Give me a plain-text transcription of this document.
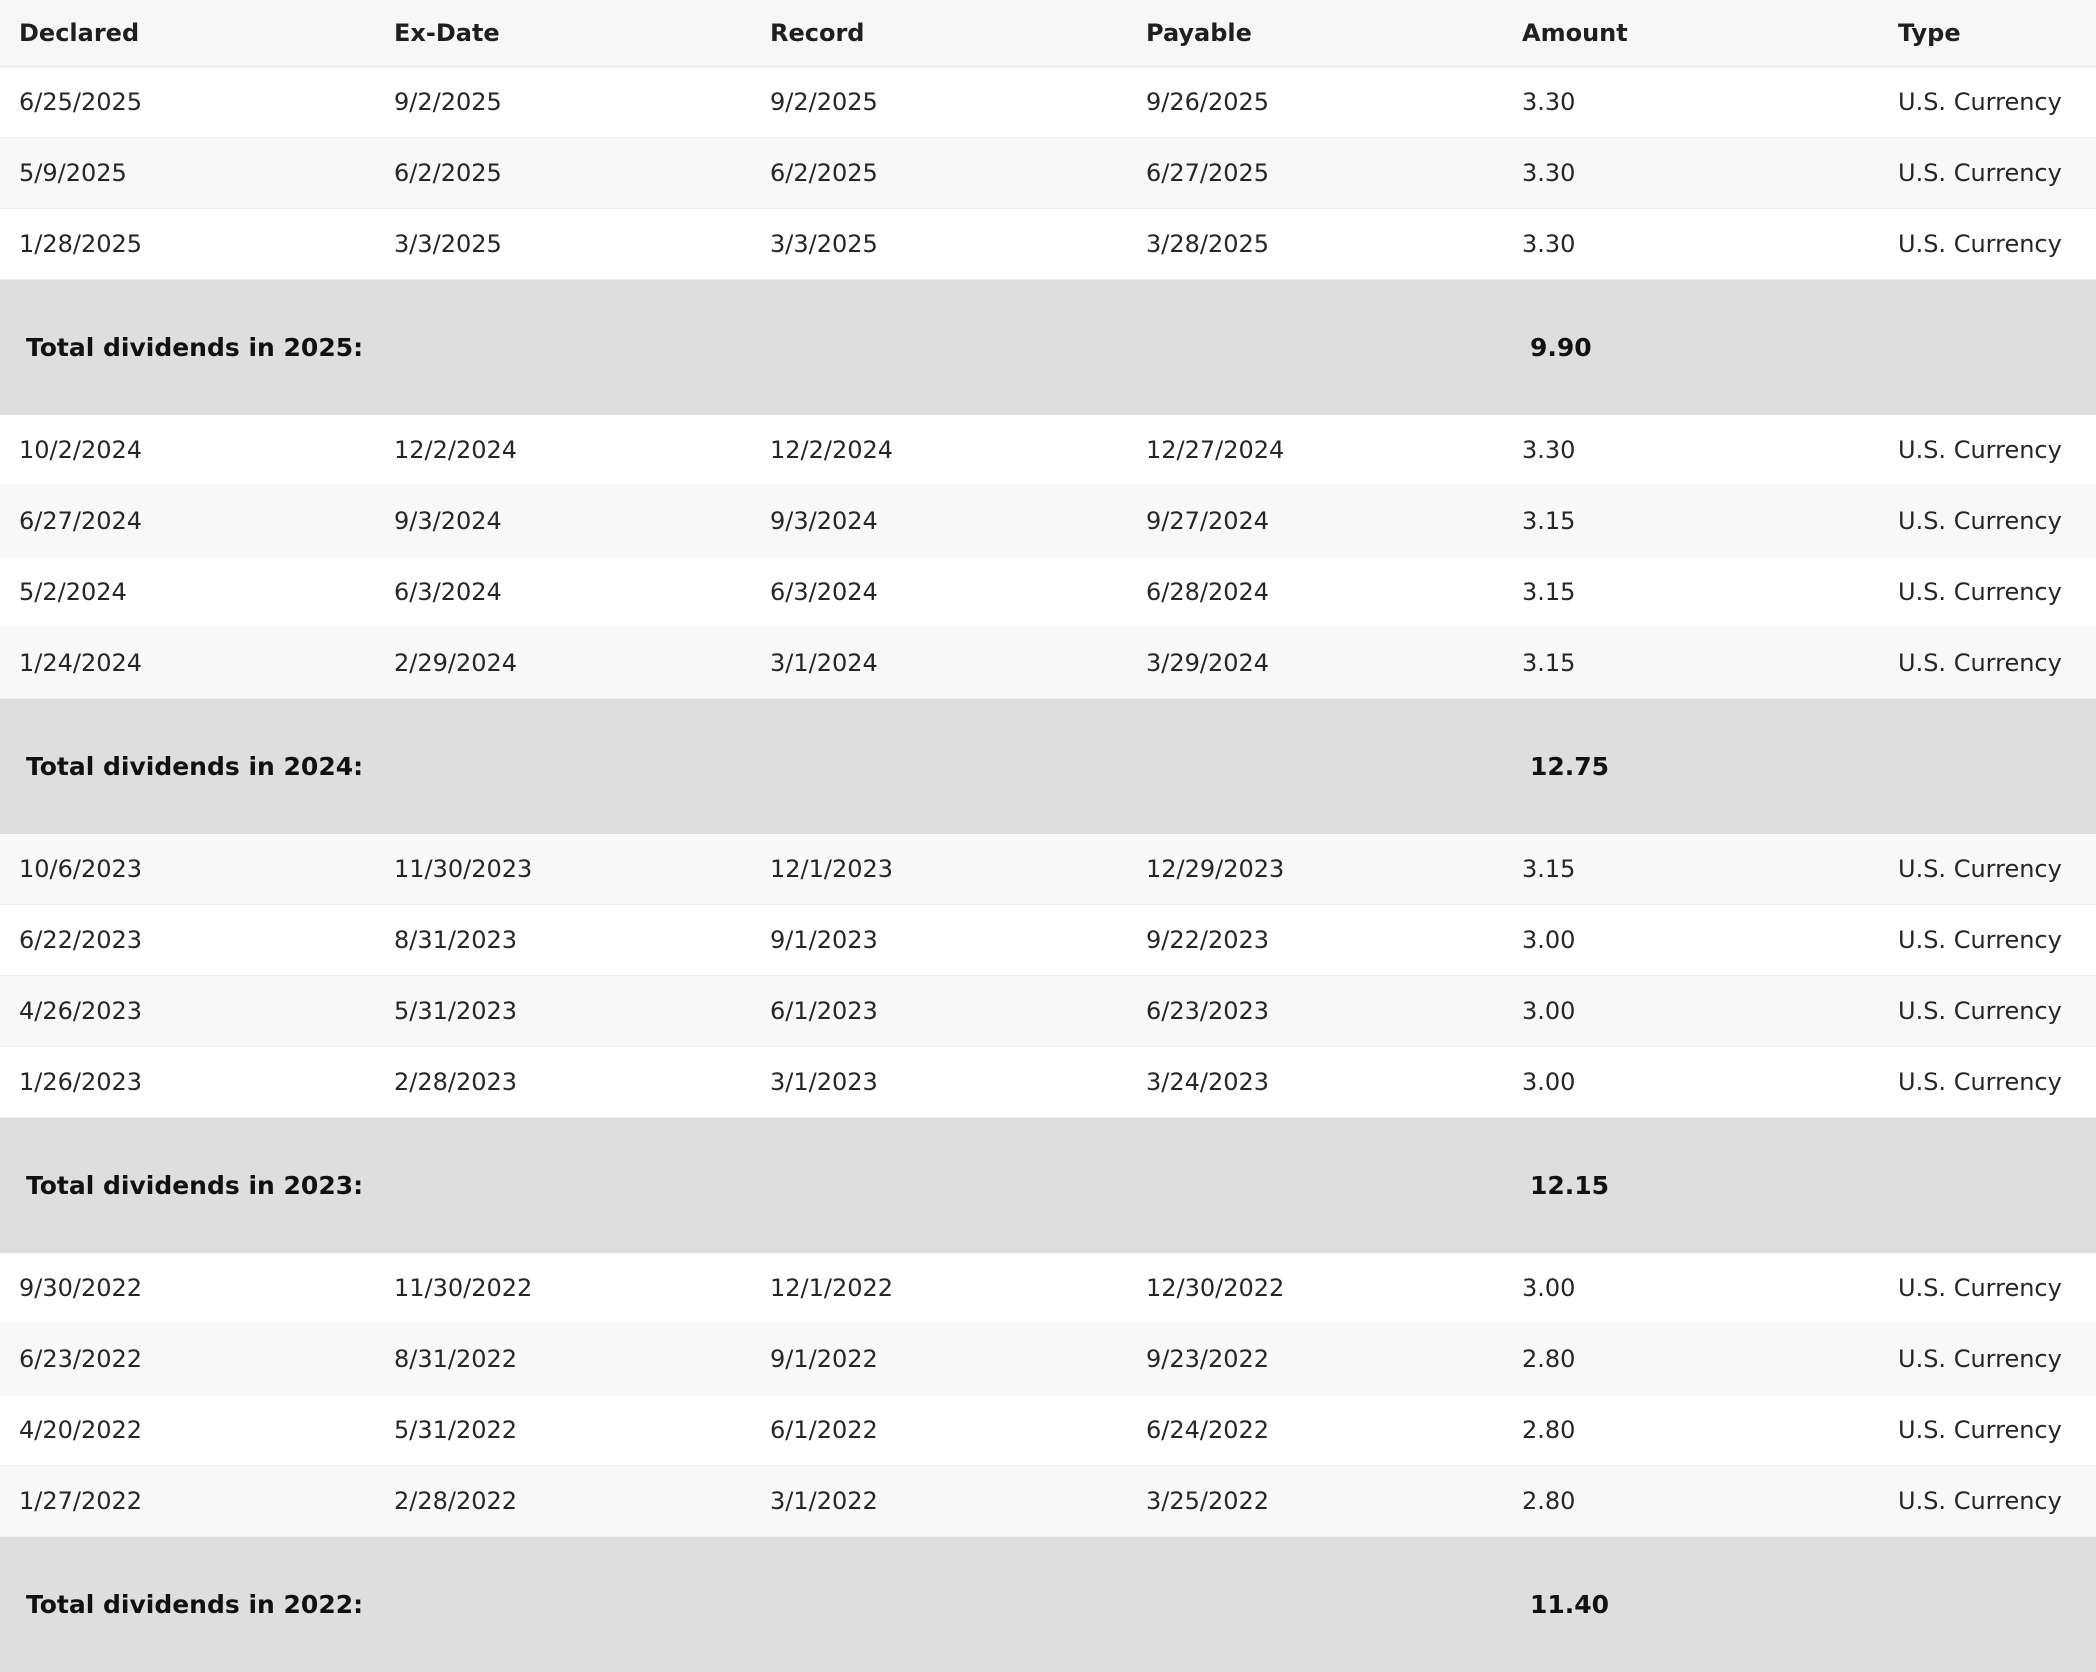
Declared	Ex-Date	Record	Payable	Amount	Type
6/25/2025	9/2/2025	9/2/2025	9/26/2025	3.30	U.S. Currency
5/9/2025	6/2/2025	6/2/2025	6/27/2025	3.30	U.S. Currency
1/28/2025	3/3/2025	3/3/2025	3/28/2025	3.30	U.S. Currency
Total dividends in 2025:	9.90
10/2/2024	12/2/2024	12/2/2024	12/27/2024	3.30	U.S. Currency
6/27/2024	9/3/2024	9/3/2024	9/27/2024	3.15	U.S. Currency
5/2/2024	6/3/2024	6/3/2024	6/28/2024	3.15	U.S. Currency
1/24/2024	2/29/2024	3/1/2024	3/29/2024	3.15	U.S. Currency
Total dividends in 2024:	12.75
10/6/2023	11/30/2023	12/1/2023	12/29/2023	3.15	U.S. Currency
6/22/2023	8/31/2023	9/1/2023	9/22/2023	3.00	U.S. Currency
4/26/2023	5/31/2023	6/1/2023	6/23/2023	3.00	U.S. Currency
1/26/2023	2/28/2023	3/1/2023	3/24/2023	3.00	U.S. Currency
Total dividends in 2023:	12.15
9/30/2022	11/30/2022	12/1/2022	12/30/2022	3.00	U.S. Currency
6/23/2022	8/31/2022	9/1/2022	9/23/2022	2.80	U.S. Currency
4/20/2022	5/31/2022	6/1/2022	6/24/2022	2.80	U.S. Currency
1/27/2022	2/28/2022	3/1/2022	3/25/2022	2.80	U.S. Currency
Total dividends in 2022:	11.40
